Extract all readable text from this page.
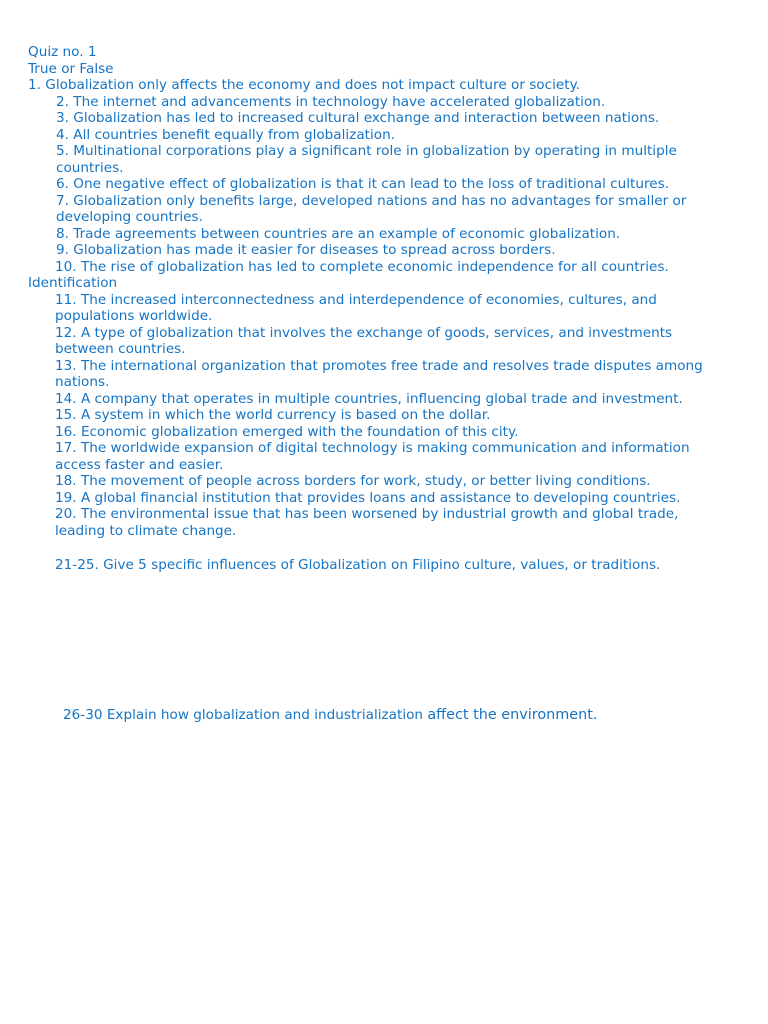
Quiz no. 1
True or False
1. Globalization only affects the economy and does not impact culture or society.
2. The internet and advancements in technology have accelerated globalization.
3. Globalization has led to increased cultural exchange and interaction between nations.
4. All countries benefit equally from globalization.
5. Multinational corporations play a significant role in globalization by operating in multiple countries.
6. One negative effect of globalization is that it can lead to the loss of traditional cultures.
7. Globalization only benefits large, developed nations and has no advantages for smaller or developing countries.
8. Trade agreements between countries are an example of economic globalization.
9. Globalization has made it easier for diseases to spread across borders.
10. The rise of globalization has led to complete economic independence for all countries.
Identification
11. The increased interconnectedness and interdependence of economies, cultures, and populations worldwide.
12. A type of globalization that involves the exchange of goods, services, and investments between countries.
13. The international organization that promotes free trade and resolves trade disputes among nations.
14. A company that operates in multiple countries, influencing global trade and investment.
15. A system in which the world currency is based on the dollar.
16. Economic globalization emerged with the foundation of this city.
17. The worldwide expansion of digital technology is making communication and information access faster and easier.
18. The movement of people across borders for work, study, or better living conditions.
19. A global financial institution that provides loans and assistance to developing countries.
20. The environmental issue that has been worsened by industrial growth and global trade, leading to climate change.
21-25. Give 5 specific influences of Globalization on Filipino culture, values, or traditions.
26-30 Explain how globalization and industrialization affect the environment.
